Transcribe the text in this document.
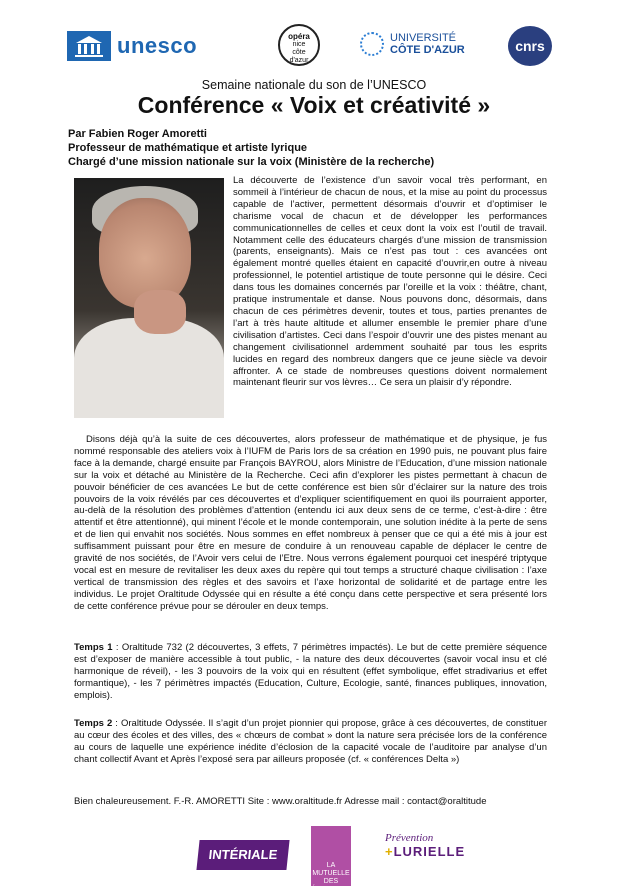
unesco	opéra
nice
côte
d'azur
UNIVERSITÉ
CÔTE D'AZUR	cnrs
Semaine nationale du son de l’UNESCO
Conférence « Voix et créativité »
Par Fabien Roger Amoretti
Professeur de mathématique et artiste lyrique
Chargé d’une mission nationale sur la voix (Ministère de la recherche)
La découverte de l’existence d’un savoir vocal très performant, en sommeil à l’intérieur de chacun de nous, et la mise au point du processus capable de l’activer, permettent désormais d’ouvrir et d’optimiser le charisme vocal de chacun et de développer les performances communicationnelles de celles et ceux dont la voix est l’outil de travail. Notamment celle des éducateurs chargés d’une mission de transmission (parents, enseignants). Mais ce n’est pas tout : ces avancées ont également montré quelles étaient en capacité d’ouvrir,en outre à niveau professionnel, le potentiel artistique de toute personne qui le désire. Ceci dans tous les domaines concernés par l’oreille et la voix : théâtre, chant, pratique instrumentale et danse. Nous pouvons donc, désormais, dans chacun de ces périmètres devenir, toutes et tous, parties prenantes de l’art à très haute altitude et allumer ensemble le premier phare d’une civilisation d’artistes. Ceci dans l’espoir d’ouvrir une des pistes menant au changement civilisationnel ardemment souhaité par tous les esprits lucides en regard des nombreux dangers que ce jeune siècle va devoir affronter. A ce stade de nombreuses questions doivent normalement maintenant fleurir sur vos lèvres… Ce sera un plaisir d’y répondre.
Disons déjà qu’à la suite de ces découvertes, alors professeur de mathématique et de physique, je fus nommé responsable des ateliers voix à l’IUFM de Paris lors de sa création en 1990 puis, ne pouvant plus faire face à la demande, chargé ensuite par François BAYROU, alors Ministre de l’Education, d’une mission nationale sur la voix et détaché au Ministère de la Recherche. Ceci afin d’explorer les pistes permettant à chacun de pouvoir bénéficier de ces avancées Le but de cette conférence est bien sûr d’éclairer sur la nature des trois pouvoirs de la voix révélés par ces découvertes et d’expliquer scientifiquement en quoi ils pourraient apporter, au-delà de la résolution des problèmes d’attention (entendu ici aux deux sens de ce terme, c’est-à-dire : être attentif et être attentionné), qui minent l’école et le monde contemporain, une solution inédite à la perte de sens et de lien qui envahit nos sociétés. Nous sommes en effet nombreux à penser que ce qui a été mis à jour est suffisamment puissant pour être en mesure de conduire à un renouveau capable de déplacer le centre de gravité de nos sociétés, de l’Avoir vers celui de l’Etre. Nous verrons également pourquoi cet inespéré triptyque vocal est en mesure de revitaliser les deux axes du repère qui tout temps a structuré chaque civilisation : l’axe vertical de transmission des règles et des savoirs et l’axe horizontal de solidarité et de partage entre les individus. Le projet Oraltitude Odyssée qui en résulte a été conçu dans cette perspective et sera présenté lors de cette conférence prévue pour se dérouler en deux temps.
Temps 1 : Oraltitude 732 (2 découvertes, 3 effets, 7 périmètres impactés). Le but de cette première séquence est d’exposer de manière accessible à tout public, - la nature des deux découvertes (savoir vocal insu et clé harmonique de réveil), - les 3 pouvoirs de la voix qui en résultent (effet symbolique, effet stradivarius et effet formantique), - les 7 périmètres impactés (Education, Culture, Ecologie, santé, finances publiques, innovation, emplois).
Temps 2 : Oraltitude Odyssée. Il s’agit d’un projet pionnier qui propose, grâce à ces découvertes, de constituer au cœur des écoles et des villes, des « chœurs de combat » dont la nature sera précisée lors de la conférence au cours de laquelle une expérience inédite d’éclosion de la capacité vocale de l’auditoire par analyse d’un chant collectif Avant et Après l’exposé sera par ailleurs proposée (cf. « conférences Delta »)
Bien chaleureusement. F.-R. AMORETTI Site : www.oraltitude.fr Adresse mail : contact@oraltitude
INTÉRIALE
LA MUTUELLE DES ÉTUDIANTS
Prévention
+LURIELLE
